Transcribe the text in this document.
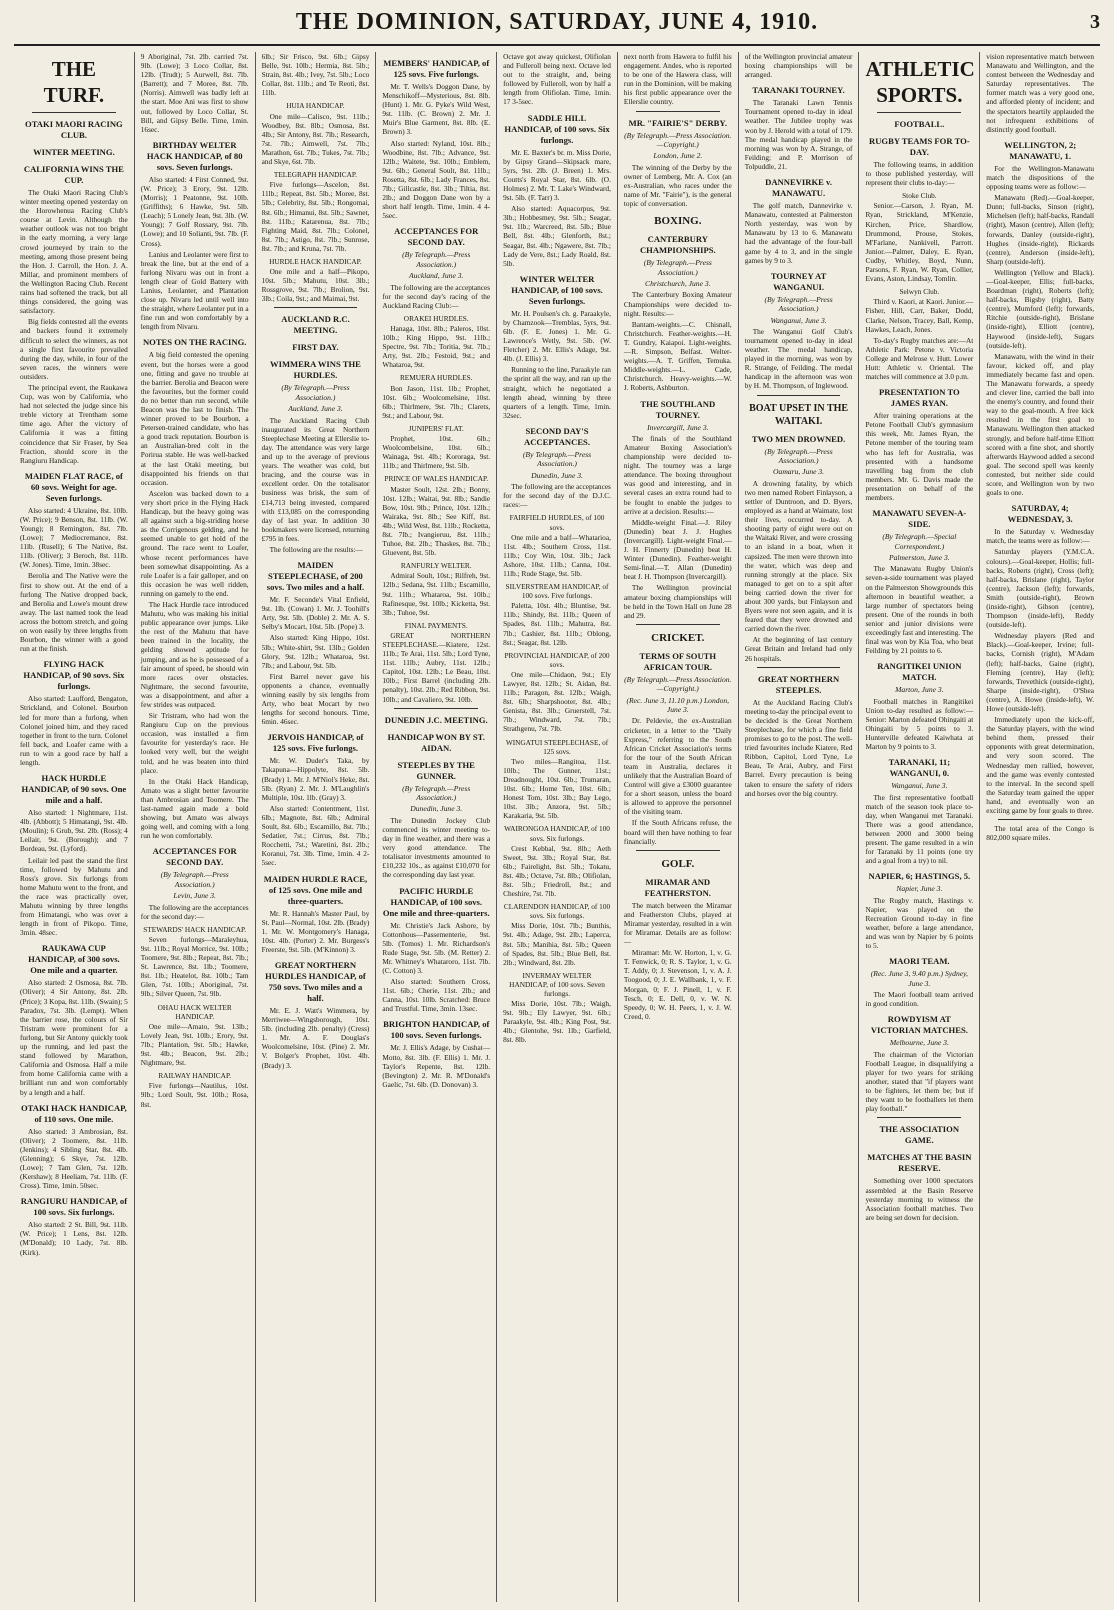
THE DOMINION, SATURDAY, JUNE 4, 1910.	3
THE TURF.
OTAKI MAORI RACING CLUB.
WINTER MEETING.
CALIFORNIA WINS THE CUP.

The Otaki Maori Racing Club's winter meeting opened yesterday on the Horowhenua Racing Club's course at Levin. Although the weather outlook was not too bright in the early morning, a very large crowd journeyed by train to the meeting, among those present being the Hon. J. Carroll, the Hon. J. A. Millar, and prominent members of the Wellington Racing Club. Recent rains had softened the track, but all things considered, the going was satisfactory.

Big fields contested all the events and backers found it extremely difficult to select the winners, as not a single first favourite prevailed during the day, while, in four of the seven races, the winners were outsiders.

The principal event, the Raukawa Cup, was won by California, who had not selected the judge since his treble victory at Trentham some time ago. After the victory of California it was a fitting coincidence that Sir Fraser, by Sea Fraction, should score in the Rangiuru Handicap.

MAIDEN FLAT RACE, of 60 sovs. Weight for age. Seven furlongs.

Also started: 4 Ukraine, 8st. 10lb. (W. Price); 9 Benson, 8st. 11lb. (W. Young); 8 Remington, 8st. 7lb. (Lowe); 7 Mediocremance, 8st. 11lb. (Rusell); 6 The Native, 8st. 11lb. (Oliver); 3 Beroch, 8st. 11lb. (W. Jones). Time, 1min. 38sec.

Berolia and The Native were the first to show out. At the end of a furlong The Native dropped back, and Berolia and Lowe's mount drew away. The last named took the lead across the bottom stretch, and going on won easily by three lengths from Bourbon, the winner with a good run at the finish.

FLYING HACK HANDICAP, of 90 sovs. Six furlongs.

Also started: Laufford, Bengaton, Strickland, and Colonel. Bourbon led for more than a furlong, when Colonel joined him, and they raced together in front to the turn. Colonel fell back, and Loafer came with a run to win a good race by half a length.

HACK HURDLE HANDICAP, of 90 sovs. One mile and a half.

Also started: 1 Nightmare, 11st. 4lb. (Abbott); 5 Himatangi, 9st. 4lb. (Moulin); 6 Grub, 9st. 2lb. (Ross); 4 Leilair, 9st. (Borough); and 7 Bordeau, 9st. (Lyford).

Leilair led past the stand the first time, followed by Mahutu and Ross's grove. Six furlongs from home Mahutu went to the front, and the race was practically over, Mahutu winning by three lengths from Himatangi, who was over a length in front of Pikopo. Time, 3min. 48sec.

RAUKAWA CUP HANDICAP, of 300 sovs. One mile and a quarter.

Also started: 2 Osmosa, 8st. 7lb. (Oliver); 4 Sir Antony, 8st. 2lb. (Price); 3 Kopa, 8st. 11lb. (Swain); 5 Paradox, 7st. 3lb. (Lempt). When the barrier rose, the colours of Sir Tristram were prominent for a furlong, but Sir Antony quickly took up the running, and led past the stand followed by Marathon, California and Osmosa. Half a mile from home California came with a brilliant run and won comfortably by a length and a half.

OTAKI HACK HANDICAP, of 110 sovs. One mile.

Also started: 3 Ambrosian, 8st. (Oliver); 2 Toomere, 8st. 11lb. (Jenkins); 4 Sibling Star, 8st. 4lb. (Glenning); 6 Skye, 7st. 12lb. (Lowe); 7 Tam Glen, 7st. 12lb. (Kershaw); 8 Heeliam, 7st. 11lb. (F. Cross). Time, 1min. 50sec.

RANGIURU HANDICAP, of 100 sovs. Six furlongs.

Also started: 2 St. Bill, 9st. 11lb. (W. Price); 1 Lens, 8st. 12lb. (M'Donald); 10 Lady, 7st. 8lb. (Kirk).

9 Aboriginal, 7st. 2lb. carried 7st. 9lb. (Lowe); 3 Loco Collar, 8st. 12lb. (Trudt); 5 Aurwell, 8st. 7lb. (Barrett); and 7 Moree, 8st. 7lb. (Norris). Aimwell was badly left at the start. Moe Ani was first to show out, followed by Loco Collar, St. Bill, and Gipsy Belle. Time, 1min. 16sec.

BIRTHDAY WELTER HACK HANDICAP, of 80 sovs. Seven furlongs.

Also started: 4 First Conned, 9st. (W. Price); 3 Erory, 9st. 12lb. (Morris); 1 Peatonne, 9st. 10lb. (Griffiths); 6 Hawke, 9st. 5lb. (Leach); 5 Lonely Jean, 9st. 3lb. (W. Young); 7 Golf Rossary, 9st. 7lb. (Lowe); and 10 Solianti, 9st. 7lb. (F. Cross).

Lanius and Leolanter were first to break the line, but at the end of a furlong Nivaru was out in front a length clear of Gold Battery with Lanius, Leolanter, and Plantation close up. Nivaru led until well into the straight, where Leolanter put in a fine run and won comfortably by a length from Nivaru.

NOTES ON THE RACING.

A big field contested the opening event, but the horses were a good one, fitting and gave no trouble at the barrier. Berolia and Beacon were the favourites, but the former could do no better than run second, while Beacon was the last to finish. The winner proved to be Bourbon, a Petersen-trained candidate, who has a good track reputation. Bourbon is an Australian-bred colt in the Porirua stable. He was well-backed at the last Otaki meeting, but disappointed his friends on that occasion.

Ascelon was backed down to a very short price in the Flying Hack Handicap, but the heavy going was all against such a big-striding horse as the Corrigenous gelding, and he seemed unable to get hold of the ground. The race went to Loafer, whose recent performances have been somewhat disappointing. As a rule Loafer is a fair galloper, and on this occasion he was well ridden, running on gamely to the end.

The Hack Hurdle race introduced Mahutu, who was making his initial public appearance over jumps. Like the rest of the Mahutu that have been trained in the locality, the gelding showed aptitude for jumping, and as he is possessed of a fair amount of speed, he should win more races over obstacles. Nightmare, the second favourite, was a disappointment, and after a few strides was outpaced.

Sir Tristram, who had won the Rangiuru Cup on the previous occasion, was installed a firm favourite for yesterday's race. He looked very well, but the weight told, and he was beaten into third place.

In the Otaki Hack Handicap, Amato was a slight better favourite than Ambrosian and Toomere. The last-named again made a bold showing, but Amato was always going well, and coming with a long run he won comfortably.

ACCEPTANCES FOR SECOND DAY.
(By Telegraph.—Press Association.)
Levin, June 3.

The following are the acceptances for the second day:—

STEWARDS' HACK HANDICAP.

Seven furlongs—Maraleyhua, 9st. 11lb.; Royal Morrice, 9st. 10lb.; Toomere, 9st. 8lb.; Repeat, 8st. 7lb.; St. Lawrence, 8st. 1lb.; Toomere, 8st. 1lb.; Heatelot, 8st. 10lb.; Tam Glen, 7st. 10lb.; Aboriginal, 7st. 9lb.; Silver Queen, 7st. 9lb.

OHAU HACK WELTER HANDICAP.

One mile—Amato, 9st. 13lb.; Lovely Jean, 9st. 10lb.; Erory, 9st. 7lb.; Plantation, 9st. 5lb.; Hawke, 9st. 4lb.; Beacon, 9st. 2lb.; Nightmare, 9st.

RAILWAY HANDICAP.

Five furlongs—Nautilus, 10st. 9lb.; Lord Soult, 9st. 10lb.; Rosa, 8st.

6lb.; Sir Frisco, 9st. 6lb.; Gipsy Belle, 9st. 10lb.; Hermia, 8st. 5lb.; Strain, 8st. 4lb.; Ivey, 7st. 5lb.; Loco Collar, 8st. 11lb.; and Te Reoti, 8st. 11lb.

HUIA HANDICAP.

One mile—Calisco, 9st. 11lb.; Woodbey, 8st. 8lb.; Osmosa, 8st. 4lb.; Sir Antony, 8st. 7lb.; Research, 7st. 7lb.; Aimwell, 7st. 7lb.; Marathon, 6st. 7lb.; Tukes, 7st. 7lb.; and Skye, 6st. 7lb.

TELEGRAPH HANDICAP.

Five furlongs—Ascelon, 8st. 11lb.; Repeat, 8st. 5lb.; Moree, 8st. 5lb.; Celebrity, 8st. 5lb.; Rongomai, 8st. 6lb.; Himanui, 8st. 5lb.; Sawnet, 8st. 11lb.; Katarenua, 8st. 7lb.; Fighting Maid, 8st. 7lb.; Colonel, 8st. 7lb.; Astigo, 8st. 7lb.; Sunrose, 8st. 7lb.; and Kruna, 7st. 7lb.

HURDLE HACK HANDICAP.

One mile and a half—Pikopo, 10st. 5lb.; Mahutu, 10st. 3lb.; Rossgrove, 9st. 7lb.; Brolion, 9st. 3lb.; Coila, 9st.; and Maimai, 9st.

AUCKLAND R.C. MEETING.
FIRST DAY.
WIMMERA WINS THE HURDLES.
(By Telegraph.—Press Association.)
Auckland, June 3.

The Auckland Racing Club inaugurated its Great Northern Steeplechase Meeting at Ellerslie to-day. The attendance was very large and up to the average of previous years. The weather was cold, but bracing, and the course was in excellent order. On the totalisator business was brisk, the sum of £14,713 being invested, compared with £13,085 on the corresponding day of last year. In addition 30 bookmakers were licensed, returning £795 in fees.

The following are the results:—

MAIDEN STEEPLECHASE, of 200 sovs. Two miles and a half.

Mr. F. Seconde's Vital Enfield, 9st. 1lb. (Cowan) 1. Mr. J. Toohill's Arty, 9st. 5lb. (Doble) 2. Mr. A. S. Selby's Mocart, 10st. 5lb. (Pope) 3.

Also started: King Hippo, 10st. 5lb.; White-shirt, 9st. 13lb.; Golden Glory, 9st. 12lb.; Whataroa, 9st. 7lb.; and Labour, 9st. 5lb.

First Barrel never gave his opponents a chance, eventually winning easily by six lengths from Arty, who beat Mocart by two lengths for second honours. Time, 6min. 46sec.

JERVOIS HANDICAP, of 125 sovs. Five furlongs.

Mr. W. Duder's Taka, by Takapuna—Hippolyte, 8st. 5lb. (Brady) 1. Mr. J. M'Niol's Heke, 8st. 5lb. (Ryan) 2. Mr. J. M'Laughlin's Multiple, 10st. 1lb. (Gray) 3.

Also started: Contentment, 11st. 6lb.; Magnote, 8st. 6lb.; Admiral Soult, 8st. 6lb.; Escamillo, 8st. 7lb.; Sedatier, 7st.; Cirrus, 8st. 7lb.; Rocchetti, 7st.; Waretini, 8st. 2lb.; Koranui, 7st. 3lb. Time, 1min. 4 2-5sec.

MAIDEN HURDLE RACE, of 125 sovs. One mile and three-quarters.

Mr. R. Hannah's Master Paul, by St. Paul—Normal, 10st. 2lb. (Brady) 1. Mr. W. Montgomery's Hanaga, 10st. 4lb. (Porter) 2. Mr. Burgess's Freerste, 9st. 5lb. (M'Kinnon) 3.

GREAT NORTHERN HURDLES HANDICAP, of 750 sovs. Two miles and a half.

Mr. E. J. Watt's Wimmera, by Merriwee—Wingsborough, 10st. 5lb. (including 2lb. penalty) (Cress) 1. Mr. A. F. Douglas's Woolcomelsine, 10st. (Pine) 2. Mr. V. Bolger's Prophet, 10st. 4lb. (Brady) 3.

MEMBERS' HANDICAP, of 125 sovs. Five furlongs.

Mr. T. Wells's Doggon Dane, by Menschikoff—Mysterious, 8st. 8lb. (Hunt) 1. Mr. G. Pyke's Wild West, 9st. 11lb. (C. Brown) 2. Mr. J. Muir's Blue Garment, 8st. 8lb. (E. Brown) 3.

Also started: Nyland, 10st. 8lb.; Woodbine, 8st. 7lb.; Advance, 9st. 12lb.; Waitete, 9st. 10lb.; Emblem, 9st. 6lb.; General Soult, 8st. 11lb.; Rosetta, 8st. 6lb.; Lady Frances, 8st. 7lb.; Gillcastle, 8st. 3lb.; Tiltia, 8st. 2lb.; and Doggon Dane won by a short half length. Time, 1min. 4 4-5sec.

ACCEPTANCES FOR SECOND DAY.
(By Telegraph.—Press Association.)
Auckland, June 3.

The following are the acceptances for the second day's racing of the Auckland Racing Club:—

ORAKEI HURDLES.

Hanaga, 10st. 8lb.; Paleros, 10st. 10lb.; King Hippo, 9st. 11lb.; Spectre, 9st. 7lb.; Toritia, 9st. 7lb.; Arty, 9st. 2lb.; Festoid, 9st.; and Whataroa, 9st.

REMUERA HURDLES.

Bon Jason, 11st. 1lb.; Prophet, 10st. 6lb.; Woolcomelsine, 10st. 6lb.; Thirlmere, 9st. 7lb.; Clarets, 9st.; and Labour, 9st.

JUNIPERS' FLAT.

Prophet, 10st. 6lb.; Woolcombelsine, 10st. 6lb.; Wainaga, 9st. 4lb.; Kororaga, 9st. 11lb.; and Thirlmere, 9st. 5lb.

PRINCE OF WALES HANDICAP.

Master Soult, 12st. 2lb.; Bonny, 10st. 12lb.; Waitai, 9st. 8lb.; Sandie Bow, 10st. 9lb.; Prince, 10st. 12lb.; Wairaka, 9st. 8lb.; See Kiff, 8st. 4lb.; Wild West, 8st. 11lb.; Rocketta, 8st. 7lb.; Ivangieruu, 8st. 11lb.; Tuhoe, 8st. 2lb.; Thaskes, 8st. 7lb.; Gluevent, 8st. 5lb.

RANFURLY WELTER.

Admiral Soult, 10st.; Rilfreh, 9st. 12lb.; Sedana, 9st. 11lb.; Escamillo, 9st. 11lb.; Whataroa, 9st. 10lb.; Rafinesque, 9st. 10lb.; Kicketta, 9st. 3lb.; Tuhoe, 9st.

FINAL PAYMENTS.

GREAT NORTHERN STEEPLECHASE.—Kiatere, 12st. 11lb.; Te Arai, 11st. 5lb.; Lord Tyne, 11st. 11lb.; Aubry, 11st. 12lb.; Capitol, 10st. 12lb.; Le Beau, 10st. 10lb.; First Barrel (including 2lb. penalty), 10st. 2lb.; Red Ribbon, 9st. 10lb.; and Cavaliero, 9st. 10lb.

DUNEDIN J.C. MEETING.
HANDICAP WON BY ST. AIDAN.
STEEPLES BY THE GUNNER.
(By Telegraph.—Press Association.)
Dunedin, June 3.

The Dunedin Jockey Club commenced its winter meeting to-day in fine weather, and there was a very good attendance. The totalisator investments amounted to £10,232 10s., as against £10,070 for the corresponding day last year.

PACIFIC HURDLE HANDICAP, of 100 sovs. One mile and three-quarters.

Mr. Christie's Jack Ashore, by Cottonhous—Passementerie, 9st. 5lb. (Tomos) 1. Mr. Richardson's Rude Stage, 9st. 5lb. (M. Retter) 2. Mr. Whitney's Whataroro, 11st. 7lb. (C. Cotton) 3.

Also started: Southern Cross, 11st. 6lb.; Cherie, 11st. 2lb.; and Canna, 10st. 10lb. Scratched: Bruce and Trustful. Time, 3min. 13sec.

BRIGHTON HANDICAP, of 100 sovs. Seven furlongs.

Mr. J. Ellis's Adage, by Cushat—Motto, 8st. 3lb. (F. Ellis) 1. Mr. J. Taylor's Repente, 8st. 12lb. (Bevington) 2. Mr. R. M'Donald's Gaelic, 7st. 6lb. (D. Donovan) 3.

Octave got away quickest, Olifiolan and Fulleroll being next. Octave led out to the straight, and, being followed by Fulleroll, won by half a length from Olifiolan. Time, 1min. 17 3-5sec.

SADDLE HILL HANDICAP, of 100 sovs. Six furlongs.

Mr. E. Baxter's br. m. Miss Dorie, by Gipsy Grand—Skipsack mare, 5yrs, 9st. 2lb. (J. Breen) 1. Mrs. Coutts's Royal Star, 8st. 6lb. (O. Holmes) 2. Mr. T. Lake's Windward, 9st. 5lb. (F. Tarr) 3.

Also started: Aquacorpus, 9st. 3lb.; Hobbesmey, 9st. 5lb.; Seagar, 9st. 1lb.; Warcreed, 8st. 5lb.; Blue Bell, 8st. 4lb.; Glenforth, 8st.; Seagar, 8st. 4lb.; Ngawere, 8st. 7lb.; Lady de Vere, 8st.; Lady Roald, 8st. 5lb.

WINTER WELTER HANDICAP, of 100 sovs. Seven furlongs.

Mr. H. Poulsen's ch. g. Paraakyle, by Chamzook—Tremblas, 5yrs, 9st. 6lb. (F. E. Jones) 1. Mr. G. Lawrence's Wetly, 9st. 5lb. (W. Fletcher) 2. Mr. Ellis's Adage, 9st. 4lb. (J. Ellis) 3.

Running to the line, Paraakyle ran the sprint all the way, and ran up the straight, which he negotiated a length ahead, winning by three quarters of a length. Time, 1min. 32sec.

SECOND DAY'S ACCEPTANCES.
(By Telegraph.—Press Association.)
Dunedin, June 3.

The following are the acceptances for the second day of the D.J.C. races:—

FAIRFIELD HURDLES, of 100 sovs.

One mile and a half—Whatarioa, 11st. 4lb.; Southern Cross, 11st. 11lb.; Coy Win, 10st. 3lb.; Jack Ashore, 10st. 11lb.; Canna, 10st. 11lb.; Rude Stage, 9st. 5lb.

SILVERSTREAM HANDICAP, of 100 sovs. Five furlongs.

Paletta, 10st. 4lb.; Bluntise, 9st. 11lb.; Shindy, 8st. 11lb.; Queen of Spades, 8st. 11lb.; Mahutra, 8st. 7lb.; Cashier, 8st. 11lb.; Oblong, 8st.; Seagar, 8st. 12lb.

PROVINCIAL HANDICAP, of 200 sovs.

One mile—Chidaon, 9st.; Ely Lawyer, 8st. 12lb.; St. Aidan, 8st. 11lb.; Paragon, 8st. 12lb.; Waigh, 8st. 6lb.; Sharpshooter, 8st. 4lb.; Genista, 8st. 3lb.; Gruerstell, 7st. 7lb.; Windward, 7st. 7lb.; Strathgenu, 7st. 7lb.

WINGATUI STEEPLECHASE, of 125 sovs.

Two miles—Rangitoa, 11st. 10lb.; The Gunner, 11st.; Dreadnought, 10st. 6lb.; Trumaran, 10st. 6lb.; Home Ten, 10st. 6lb.; Honest Tom, 10st. 3lb.; Bay Lego, 10st. 3lb.; Anzora, 9st. 5lb.; Karakaria, 9st. 5lb.

WAIRONGOA HANDICAP, of 100 sovs. Six furlongs.

Crest Kebbal, 9st. 8lb.; Aeth Sweet, 9st. 3lb.; Royal Star, 8st. 6lb.; Fairelight, 8st. 5lb.; Tokatu, 8st. 4lb.; Octave, 7st. 8lb.; Olifiolan, 8st. 5lb.; Friedroll, 8st.; and Cheshire, 7st. 7lb.

CLARENDON HANDICAP, of 100 sovs. Six furlongs.

Miss Dorie, 10st. 7lb.; Bunthis, 9st. 4lb.; Adage, 9st. 2lb.; Laperca, 8st. 5lb.; Manihia, 8st. 5lb.; Queen of Spades, 8st. 5lb.; Blue Bell, 8st. 2lb.; Windward, 8st. 2lb.

INVERMAY WELTER HANDICAP, of 100 sovs. Seven furlongs.

Miss Dorie, 10st. 7lb.; Waigh, 9st. 9lb.; Ely Lawyer, 9st. 6lb.; Paraakyle, 9st. 4lb.; King Post, 9st. 4lb.; Glentohe, 9st. 1lb.; Garfield, 8st. 8lb.

next north from Hawera to fulfil his engagement. Andes, who is reported to be one of the Hawera class, will run in the Dominion, will be making his first public appearance over the Ellerslie country.

MR. "FAIRIE'S" DERBY.
(By Telegraph.—Press Association.—Copyright.)
London, June 2.

The winning of the Derby by the owner of Lemberg, Mr. A. Cox (an ex-Australian, who races under the name of Mr. "Fairie"), is the general topic of conversation.

BOXING.
CANTERBURY CHAMPIONSHIPS.
(By Telegraph.—Press Association.)
Christchurch, June 3.

The Canterbury Boxing Amateur Championships were decided to-night. Results:—

Bantam-weights.—C. Chisnall, Christchurch. Feather-weights.—H. T. Gundry, Kaiapoi. Light-weights.—R. Simpson, Belfast. Welter-weights.—A. T. Griffen, Temuka. Middle-weights.—L. Cade, Christchurch. Heavy-weights.—W. J. Roberts, Ashburton.

THE SOUTHLAND TOURNEY.
Invercargill, June 3.

The finals of the Southland Amateur Boxing Association's championship were decided to-night. The tourney was a large attendance. The boxing throughout was good and interesting, and in several cases an extra round had to be fought to enable the judges to arrive at a decision. Results:—

Middle-weight Final.—J. Riley (Dunedin) beat J. J. Hughes (Invercargill). Light-weight Final.—J. H. Finnerty (Dunedin) beat H. Winter (Dunedin). Feather-weight Semi-final.—T. Allan (Dunedin) beat J. H. Thompson (Invercargill).

The Wellington provincial amateur boxing championships will be held in the Town Hall on June 28 and 29.

CRICKET.
TERMS OF SOUTH AFRICAN TOUR.
(By Telegraph.—Press Association.—Copyright.)
(Rec. June 3, 11.10 p.m.) London, June 3.

Dr. Peldevie, the ex-Australian cricketer, in a letter to the "Daily Express," referring to the South African Cricket Association's terms for the tour of the South African team in Australia, declares it unlikely that the Australian Board of Control will give a £3000 guarantee for a short season, unless the board is allowed to approve the personnel of the visiting team.

If the South Africans refuse, the board will then have nothing to fear financially.

GOLF.
MIRAMAR AND FEATHERSTON.

The match between the Miramar and Featherston Clubs, played at Miramar yesterday, resulted in a win for Miramar. Details are as follow:—

Miramar: Mr. W. Horton, 1, v. G. T. Fenwick, 0; R. S. Taylor, 1, v. G. T. Addy, 0; J. Stevenson, 1, v. A. J. Toogood, 0; J. E. Wallbank, 1, v. F. Morgan, 0; F. J. Pinell, 1, v. F. Tesch, 0; E. Dell, 0, v. W. N. Speedy, 0; W. H. Peers, 1, v. J. W. Creed, 0.

of the Wellington provincial amateur boxing championships will be arranged.

TARANAKI TOURNEY.

The Taranaki Lawn Tennis Tournament opened to-day in ideal weather. The Jubilee trophy was won by J. Herold with a total of 179. The medal handicap played in the morning was won by A. Strange, of Feilding; and P. Morrison of Tolpuddle, 21.

DANNEVIRKE v. MANAWATU.

The golf match, Dannevirke v. Manawatu, contested at Palmerston North yesterday, was won by Manawatu by 13 to 6. Manawatu had the advantage of the four-ball game by 4 to 3, and in the single games by 9 to 3.

TOURNEY AT WANGANUI.
(By Telegraph.—Press Association.)
Wanganui, June 3.

The Wanganui Golf Club's tournament opened to-day in ideal weather. The medal handicap, played in the morning, was won by R. Strange, of Feilding. The medal handicap in the afternoon was won by H. M. Thompson, of Inglewood.

BOAT UPSET IN THE WAITAKI.
TWO MEN DROWNED.
(By Telegraph.—Press Association.)
Oamaru, June 3.

A drowning fatality, by which two men named Robert Finlayson, a settler of Duntroon, and D. Byers, employed as a hand at Waimate, lost their lives, occurred to-day. A shooting party of eight were out on the Waitaki River, and were crossing to an island in a boat, when it capsized. The men were thrown into the water, which was deep and running strongly at the place. Six managed to get on to a spit after being carried down the river for about 300 yards, but Finlayson and Byers were not seen again, and it is feared that they were drowned and carried down the river.

At the beginning of last century Great Britain and Ireland had only 26 hospitals.

GREAT NORTHERN STEEPLES.

At the Auckland Racing Club's meeting to-day the principal event to be decided is the Great Northern Steeplechase, for which a fine field promises to go to the post. The well-tried favourites include Kiatere, Red Ribbon, Capitol, Lord Tyne, Le Beau, Te Arai, Aubry, and First Barrel. Every precaution is being taken to ensure the safety of riders and horses over the big country.

ATHLETIC SPORTS.
FOOTBALL.
RUGBY TEAMS FOR TO-DAY.

The following teams, in addition to those published yesterday, will represent their clubs to-day:—

Stoke Club.

Senior.—Carson, J. Ryan, M. Ryan, Strickland, M'Kenzie, Kirchen, Price, Shardlow, Drummond, Prouse, Stokes, M'Farlane, Nankivell, Parrott. Junior.—Palmer, Daley, E. Ryan, Cudby, Whitley, Boyd, Nunn, Parsons, F. Ryan, W. Ryan, Collier, Evans, Aston, Lindsay, Tomlin.

Selwyn Club.

Third v. Kaori, at Kaori. Junior.—Fisher, Hill, Carr, Baker, Dodd, Clarke, Nelson, Tracey, Ball, Kemp, Hawkes, Leach, Jones.

To-day's Rugby matches are:—At Athletic Park: Petone v. Victoria College and Melrose v. Hutt. Lower Hutt: Athletic v. Oriental. The matches will commence at 3.0 p.m.

PRESENTATION TO JAMES RYAN.

After training operations at the Petone Football Club's gymnasium this week, Mr. James Ryan, the Petone member of the touring team who has left for Australia, was presented with a handsome travelling bag from the club members. Mr. G. Davis made the presentation on behalf of the members.

MANAWATU SEVEN-A-SIDE.
(By Telegraph.—Special Correspondent.)
Palmerston, June 3.

The Manawatu Rugby Union's seven-a-side tournament was played on the Palmerston Showgrounds this afternoon in beautiful weather, a large number of spectators being present. One of the rounds in both senior and junior divisions were exceedingly fast and interesting. The final was won by Kia Toa, who beat Feilding by 21 points to 6.

RANGITIKEI UNION MATCH.
Marton, June 3.

Football matches in Rangitikei Union to-day resulted as follow:—Senior: Marton defeated Ohingaiti at Ohingaiti by 5 points to 3. Hunterville defeated Kaiwhata at Marton by 9 points to 3.

TARANAKI, 11; WANGANUI, 0.
Wanganui, June 3.

The first representative football match of the season took place to-day, when Wanganui met Taranaki. There was a good attendance, between 2000 and 3000 being present. The game resulted in a win for Taranaki by 11 points (one try and a goal from a try) to nil.

NAPIER, 6; HASTINGS, 5.
Napier, June 3.

The Rugby match, Hastings v. Napier, was played on the Recreation Ground to-day in fine weather, before a large attendance, and was won by Napier by 6 points to 5.

MAORI TEAM.
(Rec. June 3, 9.40 p.m.) Sydney, June 3.

The Maori football team arrived in good condition.

ROWDYISM AT VICTORIAN MATCHES.
Melbourne, June 3.

The chairman of the Victorian Football League, in disqualifying a player for two years for striking another, stated that "if players want to be fighters, let them be; but if they want to be footballers let them play football."

THE ASSOCIATION GAME.
MATCHES AT THE BASIN RESERVE.

Something over 1000 spectators assembled at the Basin Reserve yesterday morning to witness the Association football matches. Two are being set down for decision.

vision representative match between Manawatu and Wellington, and the contest between the Wednesday and Saturday representatives. The former match was a very good one, and afforded plenty of incident; and the spectators heartily applauded the not infrequent exhibitions of distinctly good football.

WELLINGTON, 2; MANAWATU, 1.

For the Wellington-Manawatu match the dispositions of the opposing teams were as follow:—

Manawatu (Red).—Goal-keeper, Dunn; full-backs, Sinson (right), Michelsen (left); half-backs, Randall (right), Mason (centre), Allen (left); forwards, Danley (outside-right), Hughes (inside-right), Rickards (centre), Anderson (inside-left), Sharp (outside-left).

Wellington (Yellow and Black).—Goal-keeper, Ellis; full-backs, Boardman (right), Roberts (left); half-backs, Bigsby (right), Batty (centre), Mumford (left); forwards, Ritchie (outside-right), Brislane (inside-right), Elliott (centre), Haywood (inside-left), Sugars (outside-left).

Manawatu, with the wind in their favour, kicked off, and play immediately became fast and open. The Manawatu forwards, a speedy and clever line, carried the ball into the enemy's country, and found their way to the goal-mouth. A free kick resulted in the first goal to Manawatu. Wellington then attacked strongly, and before half-time Elliott scored with a fine shot, and shortly afterwards Haywood added a second goal. The second spell was keenly contested, but neither side could score, and Wellington won by two goals to one.

SATURDAY, 4; WEDNESDAY, 3.

In the Saturday v. Wednesday match, the teams were as follow:—

Saturday players (Y.M.C.A. colours).—Goal-keeper, Hollis; full-backs, Roberts (right), Cross (left); half-backs, Brislane (right), Taylor (centre), Jackson (left); forwards, Smith (outside-right), Brown (inside-right), Gibson (centre), Thompson (inside-left), Reddy (outside-left).

Wednesday players (Red and Black).—Goal-keeper, Irvine; full-backs, Cornish (right), M'Adam (left); half-backs, Gaine (right), Fleming (centre), Hay (left); forwards, Trevethick (outside-right), Sharpe (inside-right), O'Shea (centre), A. Howe (inside-left), W. Howe (outside-left).

Immediately upon the kick-off, the Saturday players, with the wind behind them, pressed their opponents with great determination, and very soon scored. The Wednesday men rallied, however, and the game was evenly contested to the interval. In the second spell the Saturday team gained the upper hand, and eventually won an exciting game by four goals to three.

The total area of the Congo is 802,000 square miles.
